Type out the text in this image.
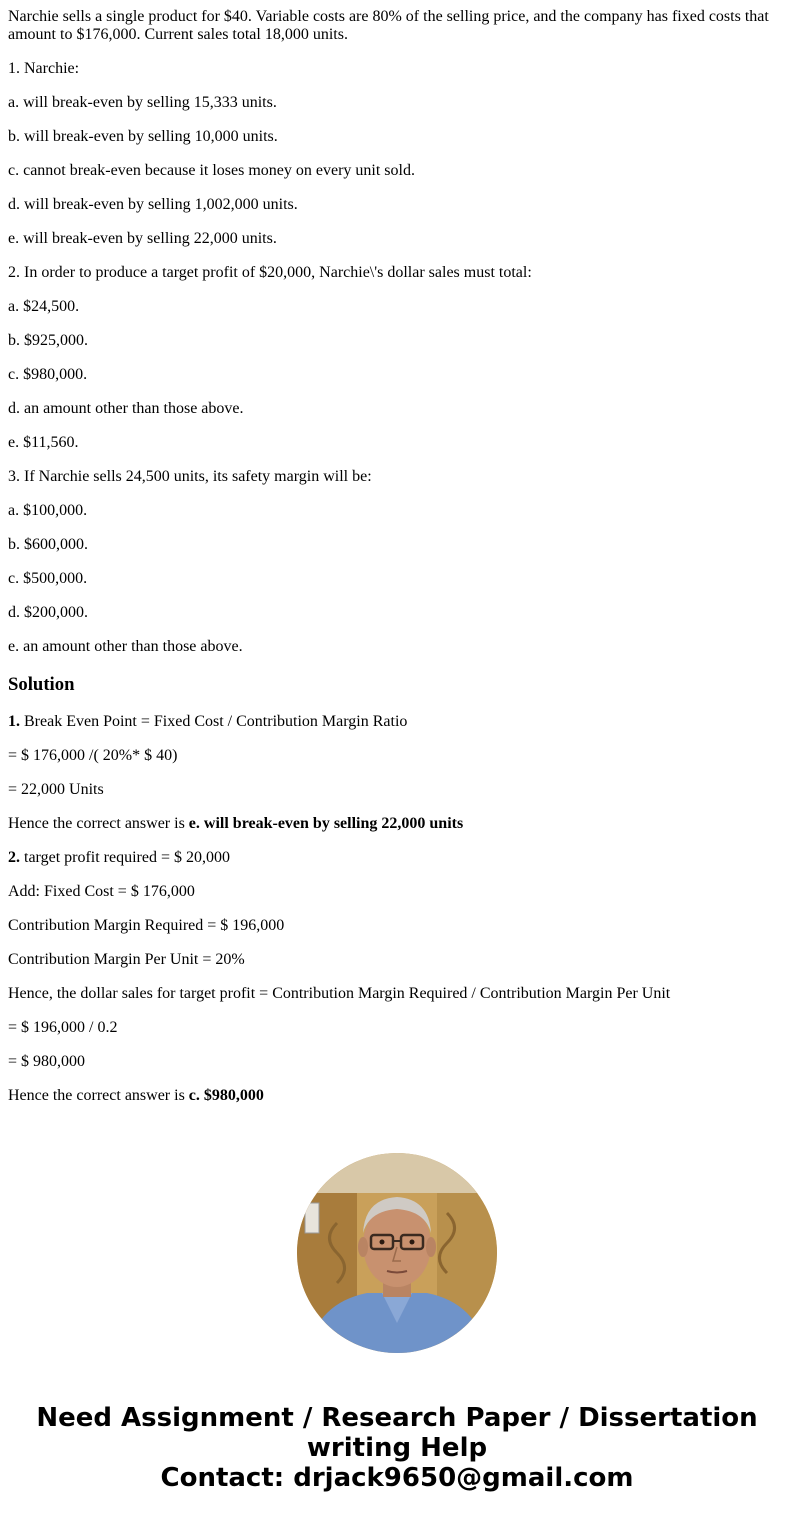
Narchie sells a single product for $40. Variable costs are 80% of the selling price, and the company has fixed costs that amount to $176,000. Current sales total 18,000 units.

1. Narchie:

a. will break-even by selling 15,333 units.

b. will break-even by selling 10,000 units.

c. cannot break-even because it loses money on every unit sold.

d. will break-even by selling 1,002,000 units.

e. will break-even by selling 22,000 units.

2. In order to produce a target profit of $20,000, Narchie\'s dollar sales must total:

a. $24,500.

b. $925,000.

c. $980,000.

d. an amount other than those above.

e. $11,560.

3. If Narchie sells 24,500 units, its safety margin will be:

a. $100,000.

b. $600,000.

c. $500,000.

d. $200,000.

e. an amount other than those above.

Solution

1. Break Even Point = Fixed Cost / Contribution Margin Ratio

= $ 176,000 /( 20%* $ 40)

= 22,000 Units

Hence the correct answer is e. will break-even by selling 22,000 units

2. target profit required = $ 20,000

Add: Fixed Cost = $ 176,000

Contribution Margin Required = $ 196,000

Contribution Margin Per Unit = 20%

Hence, the dollar sales for target profit = Contribution Margin Required / Contribution Margin Per Unit

= $ 196,000 / 0.2

= $ 980,000

Hence the correct answer is c. $980,000

Need Assignment / Research Paper / Dissertation
writing Help
Contact: drjack9650@gmail.com
